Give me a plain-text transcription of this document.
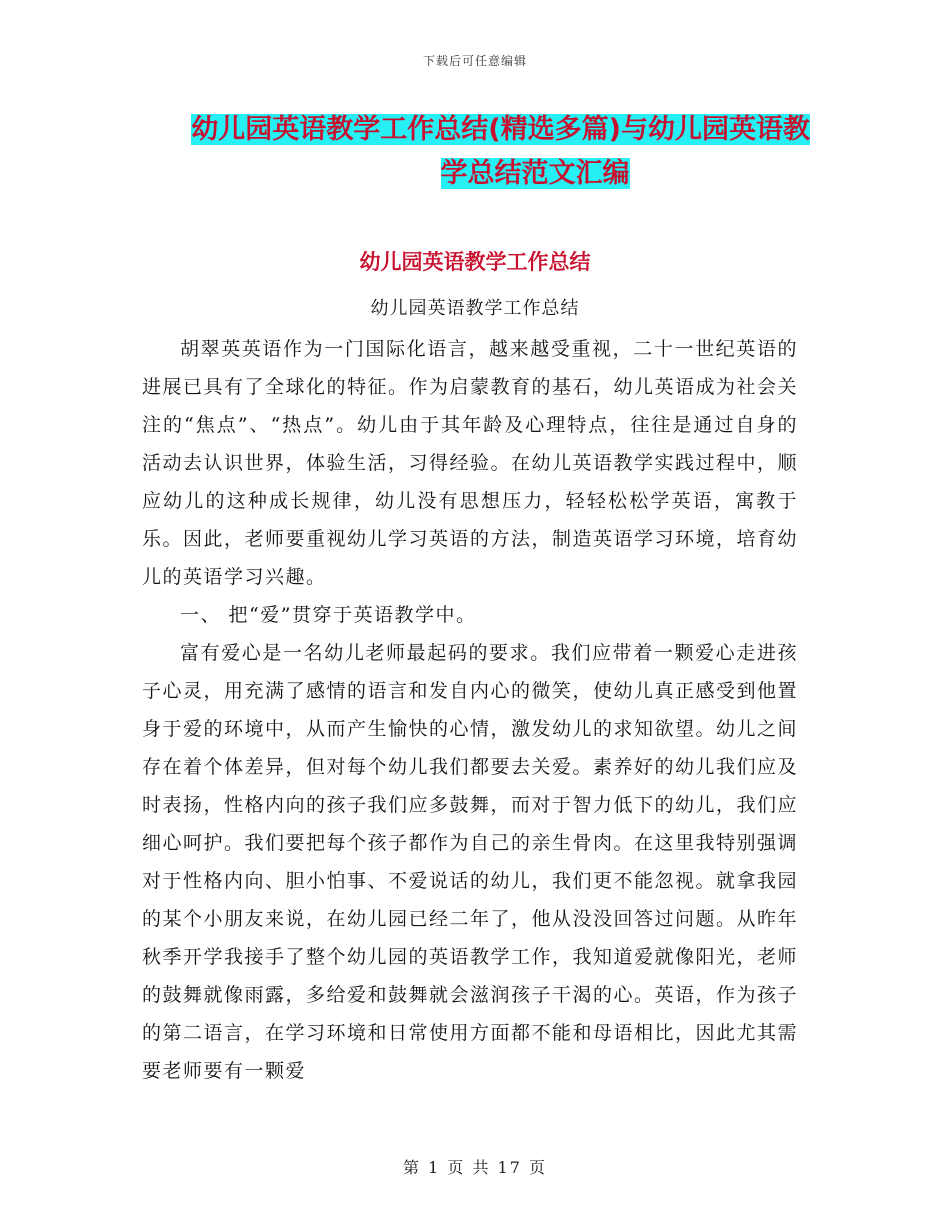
下载后可任意编辑
幼儿园英语教学工作总结(精选多篇)与幼儿园英语教
学总结范文汇编
幼儿园英语教学工作总结
幼儿园英语教学工作总结

胡翠英英语作为一门国际化语言，越来越受重视，二十一世纪英语的进展已具有了全球化的特征。作为启蒙教育的基石，幼儿英语成为社会关注的“焦点”、“热点”。幼儿由于其年龄及心理特点，往往是通过自身的活动去认识世界，体验生活，习得经验。在幼儿英语教学实践过程中，顺应幼儿的这种成长规律，幼儿没有思想压力，轻轻松松学英语，寓教于乐。因此，老师要重视幼儿学习英语的方法，制造英语学习环境，培育幼儿的英语学习兴趣。

一、 把“爱”贯穿于英语教学中。

富有爱心是一名幼儿老师最起码的要求。我们应带着一颗爱心走进孩子心灵，用充满了感情的语言和发自内心的微笑，使幼儿真正感受到他置身于爱的环境中，从而产生愉快的心情，激发幼儿的求知欲望。幼儿之间存在着个体差异，但对每个幼儿我们都要去关爱。素养好的幼儿我们应及时表扬，性格内向的孩子我们应多鼓舞，而对于智力低下的幼儿，我们应细心呵护。我们要把每个孩子都作为自己的亲生骨肉。在这里我特别强调对于性格内向、胆小怕事、不爱说话的幼儿，我们更不能忽视。就拿我园的某个小朋友来说，在幼儿园已经二年了，他从没没回答过问题。从昨年秋季开学我接手了整个幼儿园的英语教学工作，我知道爱就像阳光，老师的鼓舞就像雨露，多给爱和鼓舞就会滋润孩子干渴的心。英语，作为孩子的第二语言，在学习环境和日常使用方面都不能和母语相比，因此尤其需要老师要有一颗爱

第 1 页 共 17 页
